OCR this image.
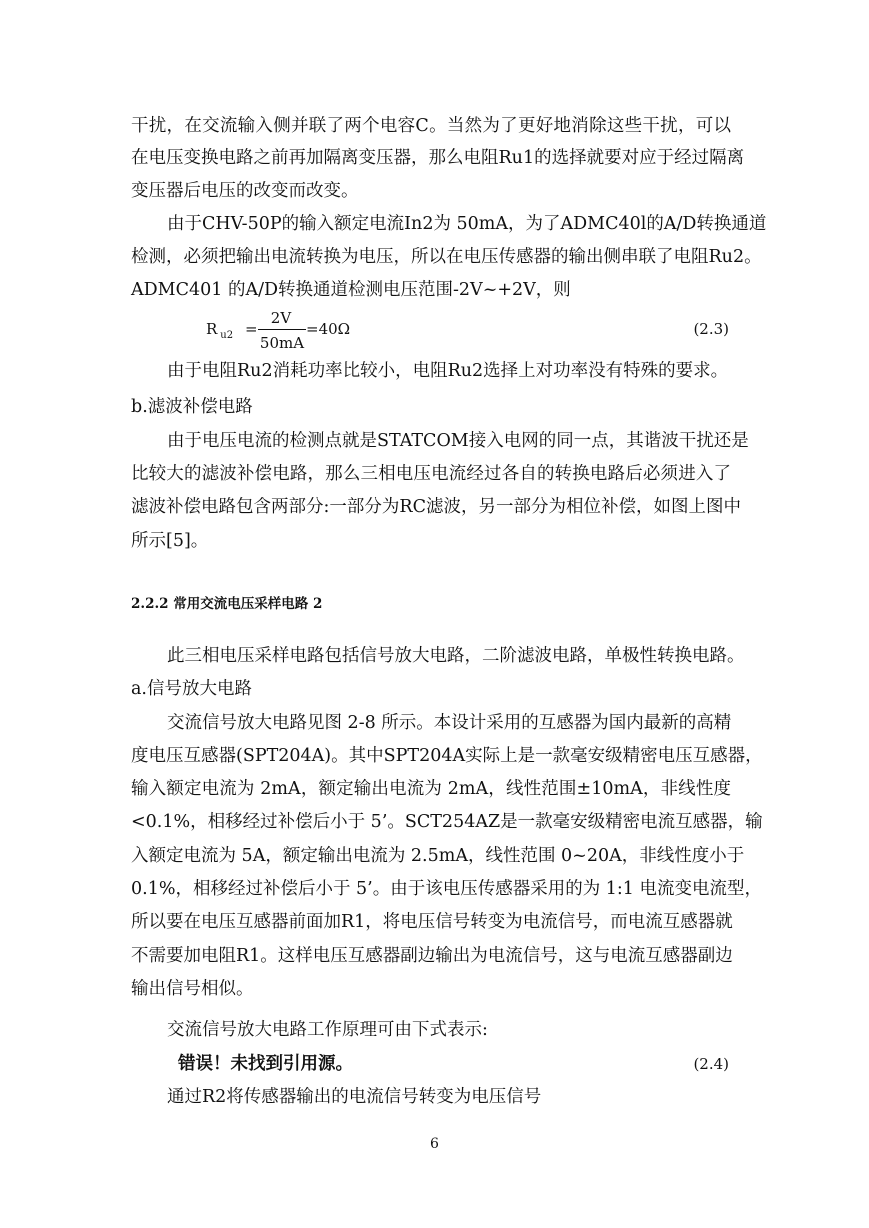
干扰，在交流输入侧并联了两个电容C。当然为了更好地消除这些干扰，可以
在电压变换电路之前再加隔离变压器，那么电阻Ru1的选择就要对应于经过隔离
变压器后电压的改变而改变。
由于CHV-50P的输入额定电流In2为 50mA，为了ADMC40l的A/D转换通道
检测，必须把输出电流转换为电压，所以在电压传感器的输出侧串联了电阻Ru2。
ADMC401 的A/D转换通道检测电压范围-2V~+2V，则
R $_{u2}$ =
2V
50mA
=40Ω	(2.3)
由于电阻Ru2消耗功率比较小，电阻Ru2选择上对功率没有特殊的要求。
b.滤波补偿电路
由于电压电流的检测点就是STATCOM接入电网的同一点，其谐波干扰还是
比较大的滤波补偿电路，那么三相电压电流经过各自的转换电路后必须进入了
滤波补偿电路包含两部分:一部分为RC滤波，另一部分为相位补偿，如图上图中
所示[5]。
2.2.2 常用交流电压采样电路 2
此三相电压采样电路包括信号放大电路，二阶滤波电路，单极性转换电路。
a.信号放大电路
交流信号放大电路见图 2-8 所示。本设计采用的互感器为国内最新的高精
度电压互感器(SPT204A)。其中SPT204A实际上是一款毫安级精密电压互感器，
输入额定电流为 2mA，额定输出电流为 2mA，线性范围±10mA，非线性度
<0.1%，相移经过补偿后小于 5’。SCT254AZ是一款毫安级精密电流互感器，输
入额定电流为 5A，额定输出电流为 2.5mA，线性范围 0~20A，非线性度小于
0.1%，相移经过补偿后小于 5’。由于该电压传感器采用的为 1:1 电流变电流型，
所以要在电压互感器前面加R1，将电压信号转变为电流信号，而电流互感器就
不需要加电阻R1。这样电压互感器副边输出为电流信号，这与电流互感器副边
输出信号相似。
交流信号放大电路工作原理可由下式表示:
错误！未找到引用源。	(2.4)
通过R2将传感器输出的电流信号转变为电压信号
6
